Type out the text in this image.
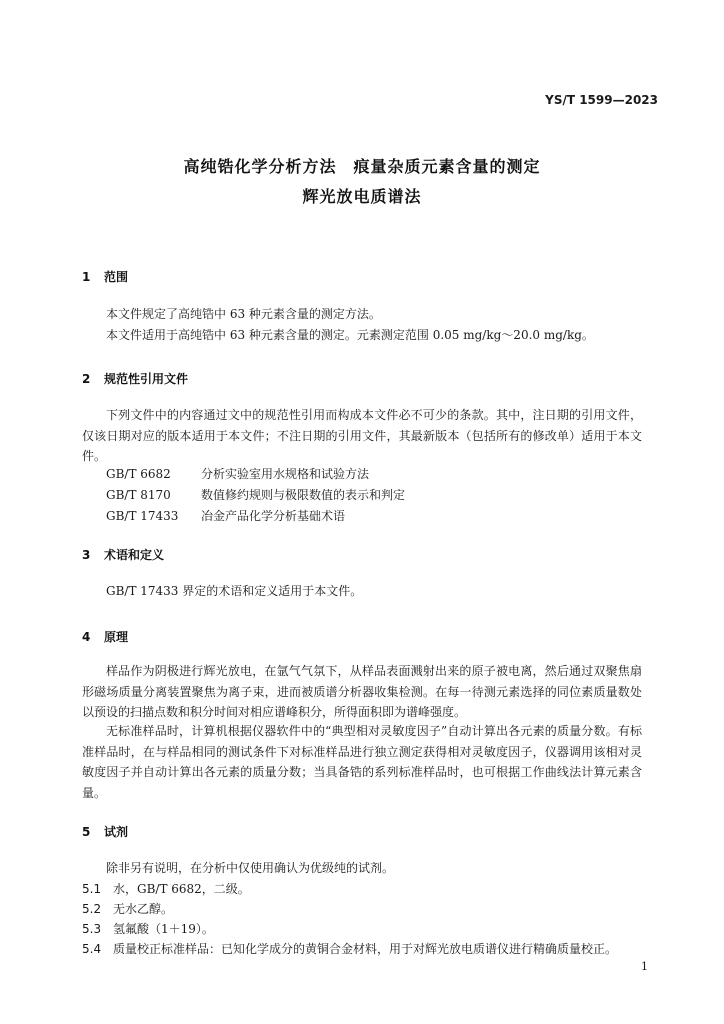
YS/T 1599—2023
高纯锆化学分析方法　痕量杂质元素含量的测定
辉光放电质谱法
1 范围
本文件规定了高纯锆中 63 种元素含量的测定方法。
本文件适用于高纯锆中 63 种元素含量的测定。元素测定范围 0.05 mg/kg～20.0 mg/kg。
2 规范性引用文件
下列文件中的内容通过文中的规范性引用而构成本文件必不可少的条款。其中，注日期的引用文件，仅该日期对应的版本适用于本文件；不注日期的引用文件，其最新版本（包括所有的修改单）适用于本文件。
GB/T 6682	分析实验室用水规格和试验方法
GB/T 8170	数值修约规则与极限数值的表示和判定
GB/T 17433 冶金产品化学分析基础术语
3 术语和定义
GB/T 17433 界定的术语和定义适用于本文件。
4 原理
样品作为阴极进行辉光放电，在氩气气氛下，从样品表面溅射出来的原子被电离，然后通过双聚焦扇形磁场质量分离装置聚焦为离子束，进而被质谱分析器收集检测。在每一待测元素选择的同位素质量数处以预设的扫描点数和积分时间对相应谱峰积分，所得面积即为谱峰强度。
无标准样品时，计算机根据仪器软件中的“典型相对灵敏度因子”自动计算出各元素的质量分数。有标准样品时，在与样品相同的测试条件下对标准样品进行独立测定获得相对灵敏度因子，仪器调用该相对灵敏度因子并自动计算出各元素的质量分数；当具备锆的系列标准样品时，也可根据工作曲线法计算元素含量。
5 试剂
除非另有说明，在分析中仅使用确认为优级纯的试剂。
5.1 水，GB/T 6682，二级。
5.2 无水乙醇。
5.3 氢氟酸（1＋19）。
5.4 质量校正标准样品：已知化学成分的黄铜合金材料，用于对辉光放电质谱仪进行精确质量校正。
1
